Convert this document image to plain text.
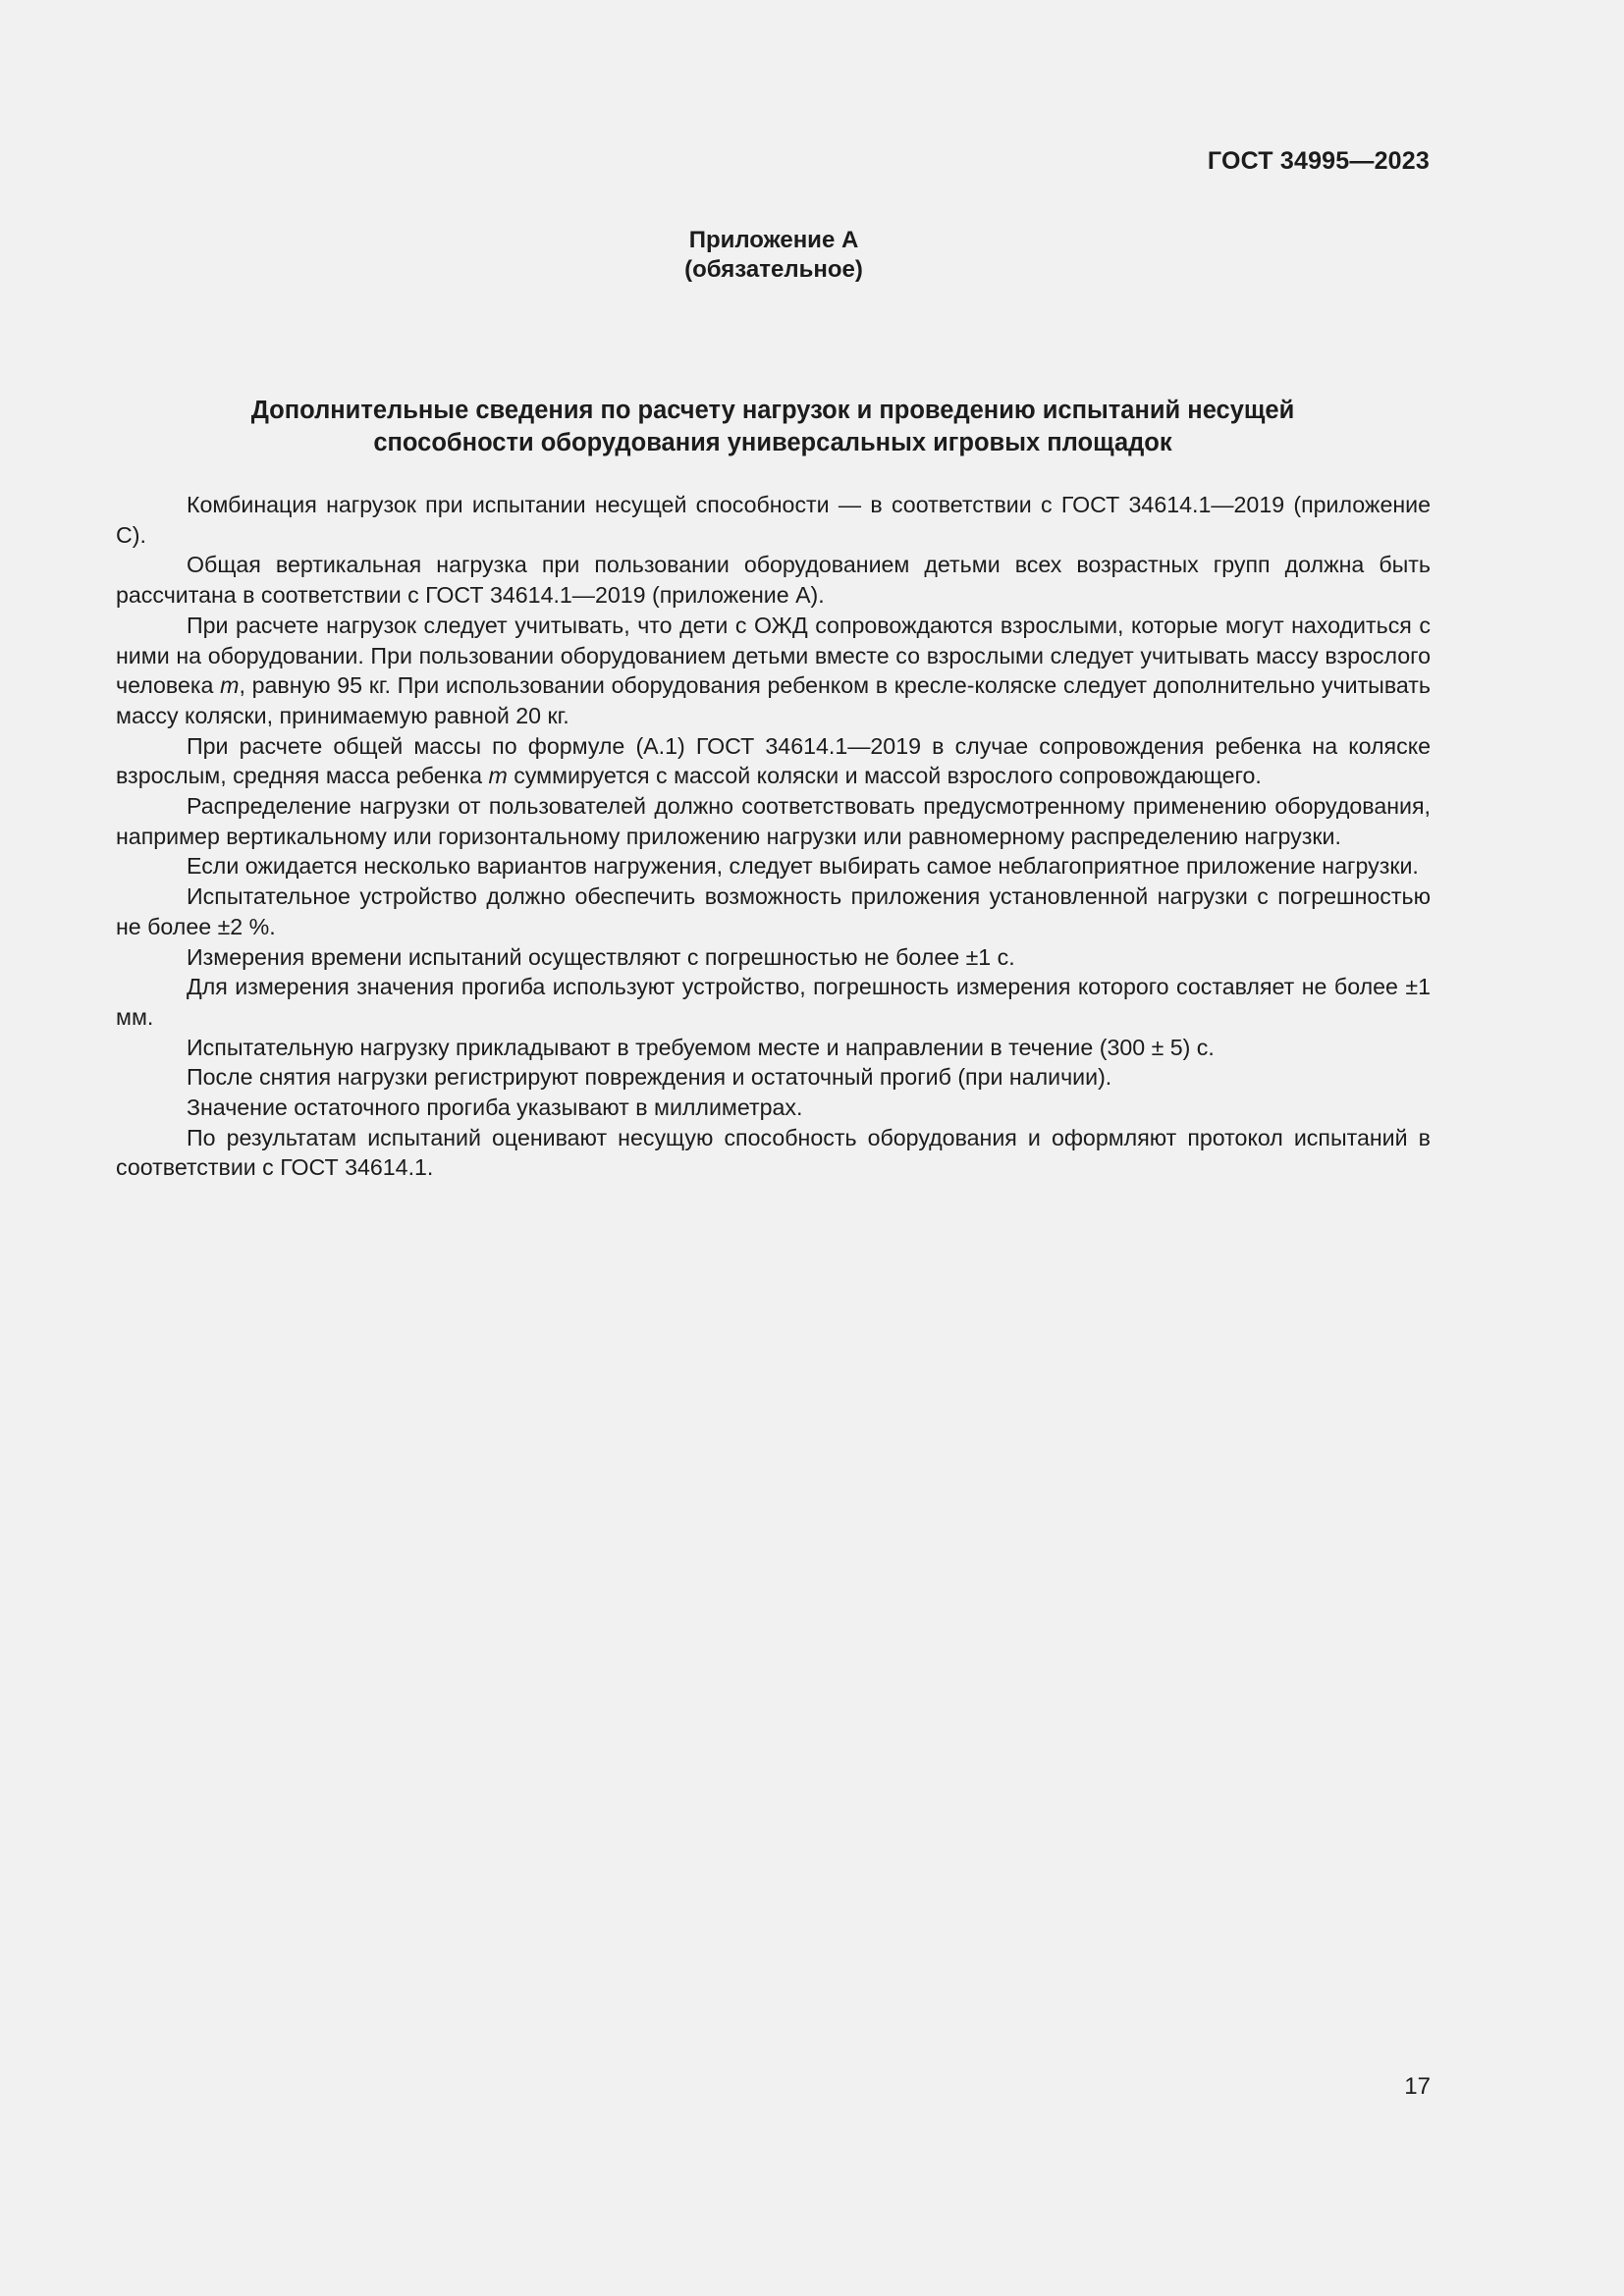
ГОСТ 34995—2023
Приложение А
(обязательное)
Дополнительные сведения по расчету нагрузок и проведению испытаний несущей
способности оборудования универсальных игровых площадок

Комбинация нагрузок при испытании несущей способности — в соответствии с ГОСТ 34614.1—2019 (приложение С).

Общая вертикальная нагрузка при пользовании оборудованием детьми всех возрастных групп должна быть рассчитана в соответствии с ГОСТ 34614.1—2019 (приложение А).

При расчете нагрузок следует учитывать, что дети с ОЖД сопровождаются взрослыми, которые могут находиться с ними на оборудовании. При пользовании оборудованием детьми вместе со взрослыми следует учитывать массу взрослого человека m, равную 95 кг. При использовании оборудования ребенком в кресле-коляске следует дополнительно учитывать массу коляски, принимаемую равной 20 кг.

При расчете общей массы по формуле (А.1) ГОСТ 34614.1—2019 в случае сопровождения ребенка на коляске взрослым, средняя масса ребенка m суммируется с массой коляски и массой взрослого сопровождающего.

Распределение нагрузки от пользователей должно соответствовать предусмотренному применению оборудования, например вертикальному или горизонтальному приложению нагрузки или равномерному распределению нагрузки.

Если ожидается несколько вариантов нагружения, следует выбирать самое неблагоприятное приложение нагрузки.

Испытательное устройство должно обеспечить возможность приложения установленной нагрузки с погрешностью не более ±2 %.

Измерения времени испытаний осуществляют с погрешностью не более ±1 с.

Для измерения значения прогиба используют устройство, погрешность измерения которого составляет не более ±1 мм.

Испытательную нагрузку прикладывают в требуемом месте и направлении в течение (300 ± 5) с.

После снятия нагрузки регистрируют повреждения и остаточный прогиб (при наличии).

Значение остаточного прогиба указывают в миллиметрах.

По результатам испытаний оценивают несущую способность оборудования и оформляют протокол испытаний в соответствии с ГОСТ 34614.1.

17
